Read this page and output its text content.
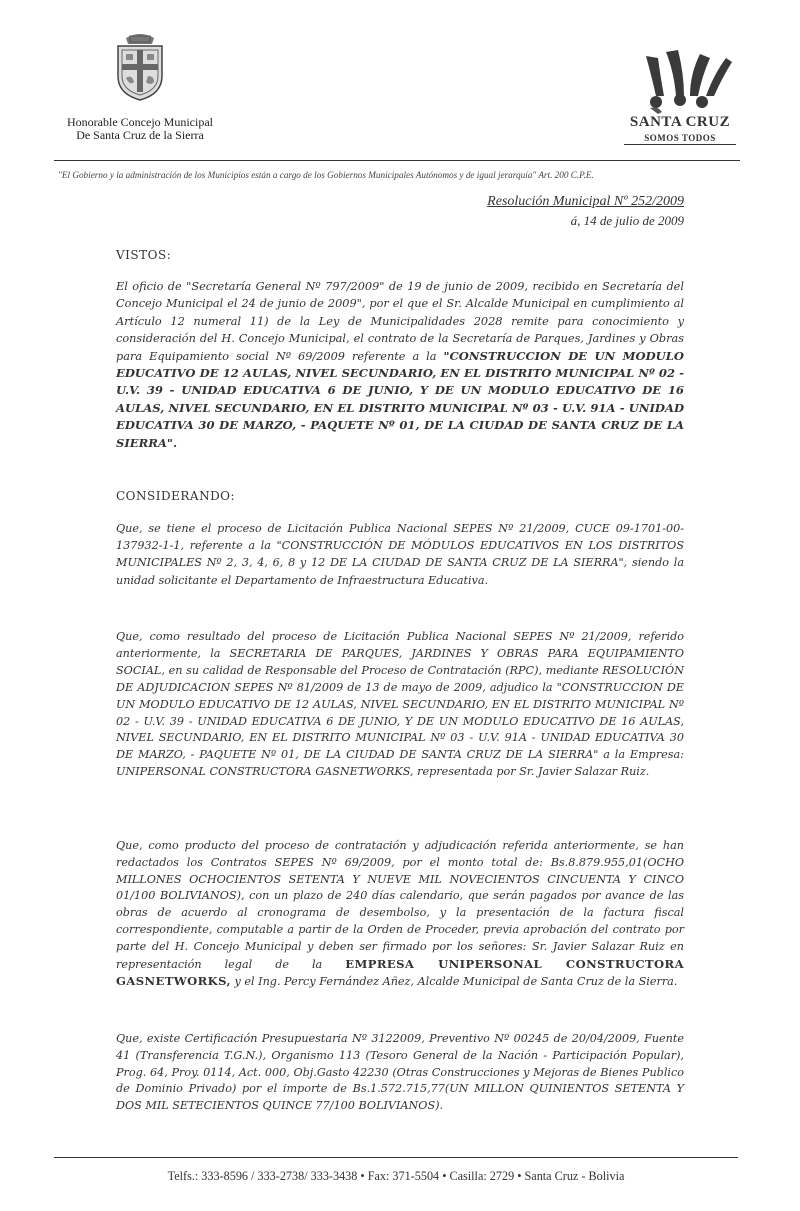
Honorable Concejo Municipal
De Santa Cruz de la Sierra
SANTA CRUZ
SOMOS TODOS
"El Gobierno y la administración de los Municipios están a cargo de los Gobiernos Municipales Autónomos y de igual jerarquía" Art. 200 C.P.E.
Resolución Municipal Nº 252/2009
á, 14 de julio de 2009
VISTOS:
El oficio de "Secretaría General Nº 797/2009" de 19 de junio de 2009, recibido en Secretaría del Concejo Municipal el 24 de junio de 2009", por el que el Sr. Alcalde Municipal en cumplimiento al Artículo 12 numeral 11) de la Ley de Municipalidades 2028 remite para conocimiento y consideración del H. Concejo Municipal, el contrato de la Secretaría de Parques, Jardines y Obras para Equipamiento social Nº 69/2009 referente a la "CONSTRUCCION DE UN MODULO EDUCATIVO DE 12 AULAS, NIVEL SECUNDARIO, EN EL DISTRITO MUNICIPAL Nº 02 - U.V. 39 - UNIDAD EDUCATIVA 6 DE JUNIO, Y DE UN MODULO EDUCATIVO DE 16 AULAS, NIVEL SECUNDARIO, EN EL DISTRITO MUNICIPAL Nº 03 - U.V. 91A - UNIDAD EDUCATIVA 30 DE MARZO, - PAQUETE Nº 01, DE LA CIUDAD DE SANTA CRUZ DE LA SIERRA".
CONSIDERANDO:
Que, se tiene el proceso de Licitación Publica Nacional SEPES Nº 21/2009, CUCE 09-1701-00-137932-1-1, referente a la "CONSTRUCCIÓN DE MÓDULOS EDUCATIVOS EN LOS DISTRITOS MUNICIPALES Nº 2, 3, 4, 6, 8 y 12 DE LA CIUDAD DE SANTA CRUZ DE LA SIERRA", siendo la unidad solicitante el Departamento de Infraestructura Educativa.
Que, como resultado del proceso de Licitación Publica Nacional SEPES Nº 21/2009, referido anteriormente, la SECRETARIA DE PARQUES, JARDINES Y OBRAS PARA EQUIPAMIENTO SOCIAL, en su calidad de Responsable del Proceso de Contratación (RPC), mediante RESOLUCIÓN DE ADJUDICACION SEPES Nº 81/2009 de 13 de mayo de 2009, adjudico la "CONSTRUCCION DE UN MODULO EDUCATIVO DE 12 AULAS, NIVEL SECUNDARIO, EN EL DISTRITO MUNICIPAL Nº 02 - U.V. 39 - UNIDAD EDUCATIVA 6 DE JUNIO, Y DE UN MODULO EDUCATIVO DE 16 AULAS, NIVEL SECUNDARIO, EN EL DISTRITO MUNICIPAL Nº 03 - U.V. 91A - UNIDAD EDUCATIVA 30 DE MARZO, - PAQUETE Nº 01, DE LA CIUDAD DE SANTA CRUZ DE LA SIERRA" a la Empresa: UNIPERSONAL CONSTRUCTORA GASNETWORKS, representada por Sr. Javier Salazar Ruiz.
Que, como producto del proceso de contratación y adjudicación referida anteriormente, se han redactados los Contratos SEPES Nº 69/2009, por el monto total de: Bs.8.879.955,01(OCHO MILLONES OCHOCIENTOS SETENTA Y NUEVE MIL NOVECIENTOS CINCUENTA Y CINCO 01/100 BOLIVIANOS), con un plazo de 240 días calendario, que serán pagados por avance de las obras de acuerdo al cronograma de desembolso, y la presentación de la factura fiscal correspondiente, computable a partir de la Orden de Proceder, previa aprobación del contrato por parte del H. Concejo Municipal y deben ser firmado por los señores: Sr. Javier Salazar Ruiz en representación legal de la EMPRESA UNIPERSONAL CONSTRUCTORA GASNETWORKS, y el Ing. Percy Fernández Añez, Alcalde Municipal de Santa Cruz de la Sierra.
Que, existe Certificación Presupuestaria Nº 3122009, Preventivo Nº 00245 de 20/04/2009, Fuente 41 (Transferencia T.G.N.), Organismo 113 (Tesoro General de la Nación - Participación Popular), Prog. 64, Proy. 0114, Act. 000, Obj.Gasto 42230 (Otras Construcciones y Mejoras de Bienes Publico de Dominio Privado) por el importe de Bs.1.572.715,77(UN MILLON QUINIENTOS SETENTA Y DOS MIL SETECIENTOS QUINCE 77/100 BOLIVIANOS).
Telfs.: 333-8596 / 333-2738/ 333-3438 • Fax: 371-5504 • Casilla: 2729 • Santa Cruz - Bolivia
